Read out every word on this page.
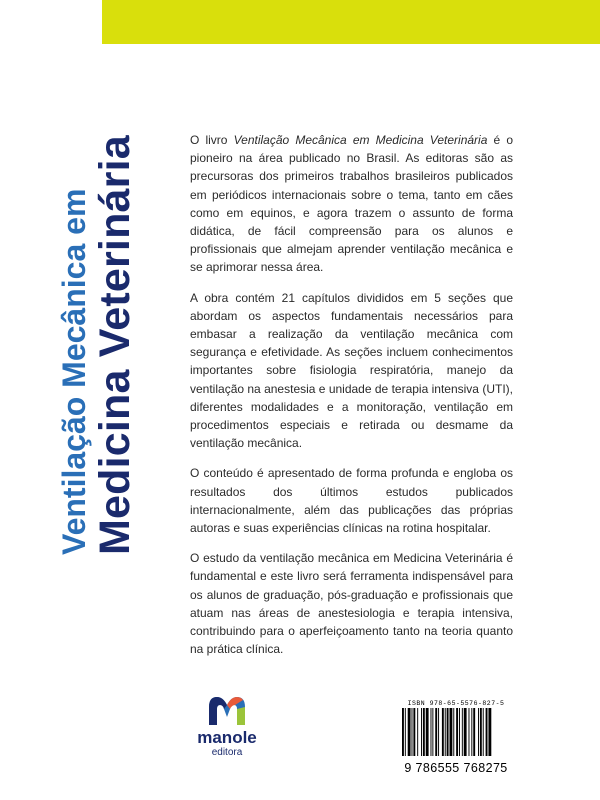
Ventilação Mecânica em Medicina Veterinária	O livro Ventilação Mecânica em Medicina Veterinária é o pioneiro na área publicado no Brasil. As editoras são as precursoras dos primeiros trabalhos brasileiros publicados em periódicos internacionais sobre o tema, tanto em cães como em equinos, e agora trazem o assunto de forma didática, de fácil compreensão para os alunos e profissionais que almejam aprender ventilação mecânica e se aprimorar nessa área.

A obra contém 21 capítulos divididos em 5 seções que abordam os aspectos fundamentais necessários para embasar a realização da ventilação mecânica com segurança e efetividade. As seções incluem conhecimentos importantes sobre fisiologia respiratória, manejo da ventilação na anestesia e unidade de terapia intensiva (UTI), diferentes modalidades e a monitoração, ventilação em procedimentos especiais e retirada ou desmame da ventilação mecânica.

O conteúdo é apresentado de forma profunda e engloba os resultados dos últimos estudos publicados internacionalmente, além das publicações das próprias autoras e suas experiências clínicas na rotina hospitalar.

O estudo da ventilação mecânica em Medicina Veterinária é fundamental e este livro será ferramenta indispensável para os alunos de graduação, pós-graduação e profissionais que atuam nas áreas de anestesiologia e terapia intensiva, contribuindo para o aperfeiçoamento tanto na teoria quanto na prática clínica.

manole
editora
ISBN 978-65-5576-827-5
9 786555 768275
